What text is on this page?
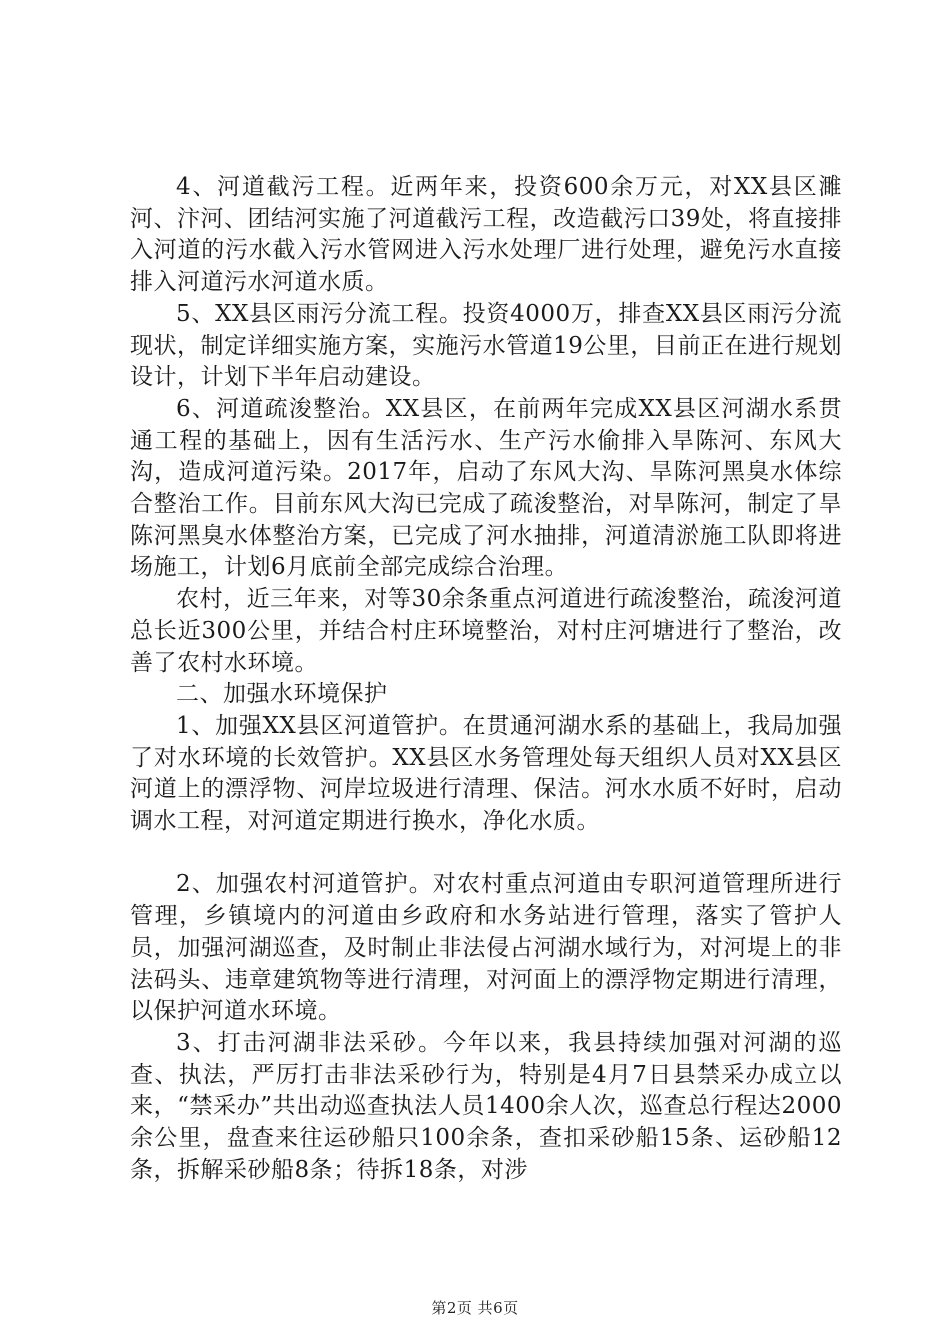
4、河道截污工程。近两年来，投资600余万元，对XX县区濉河、汴河、团结河实施了河道截污工程，改造截污口39处，将直接排入河道的污水截入污水管网进入污水处理厂进行处理，避免污水直接排入河道污水河道水质。

5、XX县区雨污分流工程。投资4000万，排查XX县区雨污分流现状，制定详细实施方案，实施污水管道19公里，目前正在进行规划设计，计划下半年启动建设。

6、河道疏浚整治。XX县区，在前两年完成XX县区河湖水系贯通工程的基础上，因有生活污水、生产污水偷排入旱陈河、东风大沟，造成河道污染。2017年，启动了东风大沟、旱陈河黑臭水体综合整治工作。目前东风大沟已完成了疏浚整治，对旱陈河，制定了旱陈河黑臭水体整治方案，已完成了河水抽排，河道清淤施工队即将进场施工，计划6月底前全部完成综合治理。

农村，近三年来，对等30余条重点河道进行疏浚整治，疏浚河道总长近300公里，并结合村庄环境整治，对村庄河塘进行了整治，改善了农村水环境。

二、加强水环境保护

1、加强XX县区河道管护。在贯通河湖水系的基础上，我局加强了对水环境的长效管护。XX县区水务管理处每天组织人员对XX县区河道上的漂浮物、河岸垃圾进行清理、保洁。河水水质不好时，启动调水工程，对河道定期进行换水，净化水质。

2、加强农村河道管护。对农村重点河道由专职河道管理所进行管理，乡镇境内的河道由乡政府和水务站进行管理，落实了管护人员，加强河湖巡查，及时制止非法侵占河湖水域行为，对河堤上的非法码头、违章建筑物等进行清理，对河面上的漂浮物定期进行清理，以保护河道水环境。

3、打击河湖非法采砂。今年以来，我县持续加强对河湖的巡查、执法，严厉打击非法采砂行为，特别是4月7日县禁采办成立以来，“禁采办”共出动巡查执法人员1400余人次，巡查总行程达2000余公里，盘查来往运砂船只100余条，查扣采砂船15条、运砂船12条，拆解采砂船8条；待拆18条，对涉

第2页 共6页
